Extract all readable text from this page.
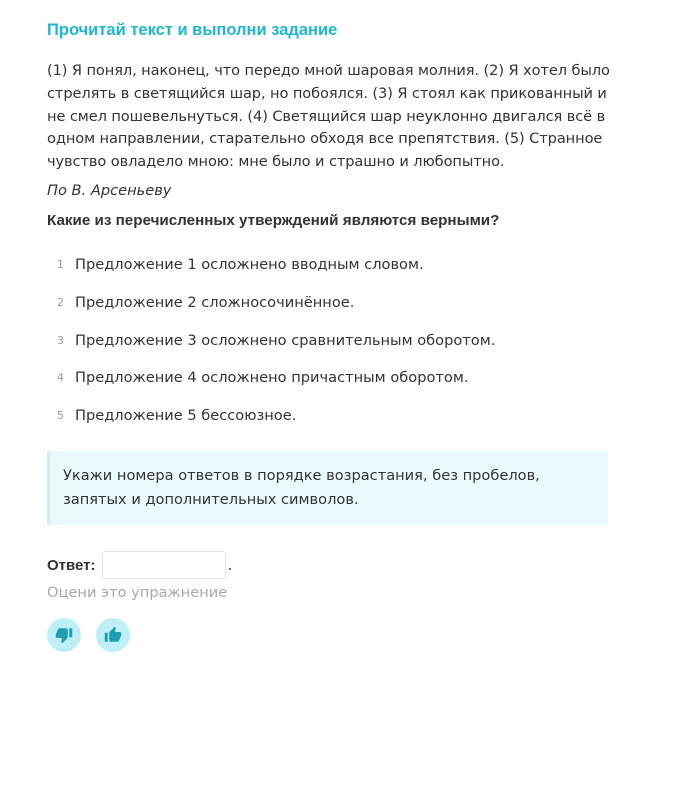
Прочитай текст и выполни задание
(1) Я понял, наконец, что передо мной шаровая молния. (2) Я хотел было стрелять в светящийся шар, но побоялся. (3) Я стоял как прикованный и не смел пошевельнуться. (4) Светящийся шар неуклонно двигался всё в одном направлении, старательно обходя все препятствия. (5) Странное чувство овладело мною: мне было и страшно и любопытно.
По В. Арсеньеву
Какие из перечисленных утверждений являются верными?
1 Предложение 1 осложнено вводным словом.
2 Предложение 2 сложносочинённое.
3 Предложение 3 осложнено сравнительным оборотом.
4 Предложение 4 осложнено причастным оборотом.
5 Предложение 5 бессоюзное.
Укажи номера ответов в порядке возрастания, без пробелов, запятых и дополнительных символов.
Ответ:	.
Оцени это упражнение
